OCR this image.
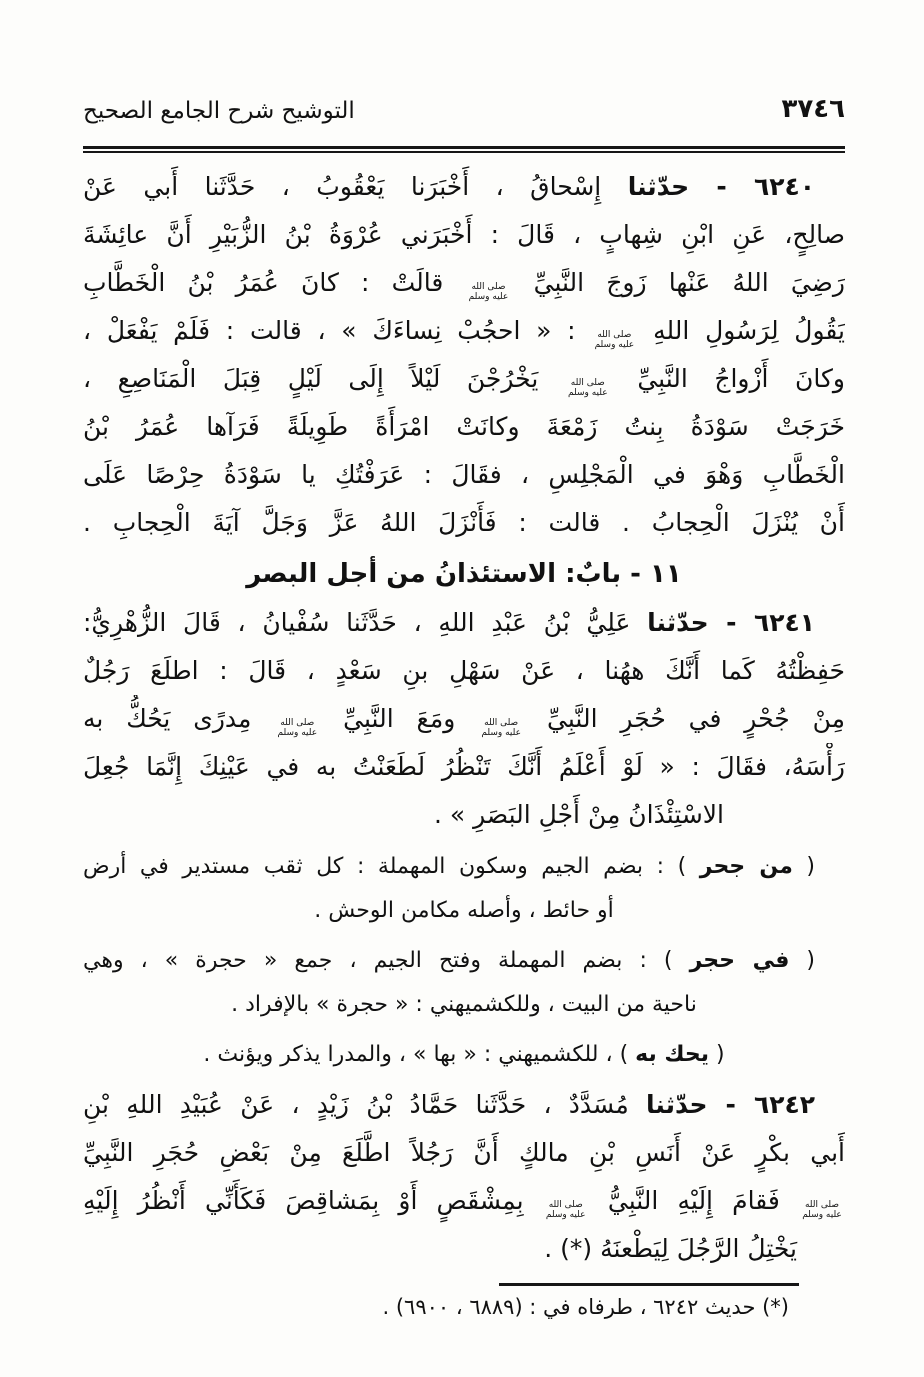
٣٧٤٦
التوشيح شرح الجامع الصحيح
٦٢٤٠ - حدّثنا إِسْحاقُ ، أَخْبَرَنا يَعْقُوبُ ، حَدَّثَنا أَبي عَنْ
صالِحٍ، عَنِ ابْنِ شِهابٍ ، قَالَ : أَخْبَرَني عُرْوَةُ بْنُ الزُّبَيْرِ أَنَّ عائِشَةَ
رَضِيَ اللهُ عَنْها زَوجَ النَّبِيِّ صلى الله عليه وسلم قالَتْ : كانَ عُمَرُ بْنُ الْخَطَّابِ
يَقُولُ لِرَسُولِ اللهِ صلى الله عليه وسلم : « احجُبْ نِساءَكَ » ، قالت : فَلَمْ يَفْعَلْ ،
وكانَ أَزْواجُ النَّبِيِّ صلى الله عليه وسلم يَخْرُجْنَ لَيْلاً إِلَى لَيْلٍ قِبَلَ الْمَنَاصِعِ ،
خَرَجَتْ سَوْدَةُ بِنتُ زَمْعَةَ وكانَتْ امْرَأَةً طَوِيلَةً فَرَآها عُمَرُ بْنُ
الْخَطَّابِ وَهْوَ في الْمَجْلِسِ ، فقَالَ : عَرَفْتُكِ يا سَوْدَةُ حِرْصًا عَلَى
أَنْ يُنْزَلَ الْحِجابُ . قالت : فَأَنْزَلَ اللهُ عَزَّ وَجَلَّ آيَةَ الْحِجابِ .
١١ - بابٌ: الاستئذانُ من أجل البصر
٦٢٤١ - حدّثنا عَلِيُّ بْنُ عَبْدِ اللهِ ، حَدَّثَنا سُفْيانُ ، قَالَ الزُّهْرِيُّ:
حَفِظْتُهُ كَما أَنَّكَ ههُنا ، عَنْ سَهْلِ بنِ سَعْدٍ ، قَالَ : اطلَعَ رَجُلٌ
مِنْ جُحْرٍ في حُجَرِ النَّبِيِّ صلى الله عليه وسلم ومَعَ النَّبِيِّ صلى الله عليه وسلم مِدرًى يَحُكُّ به
رَأْسَهُ، فقَالَ : « لَوْ أَعْلَمُ أَنَّكَ تَنْظُرُ لَطَعَنْتُ به في عَيْنِكَ إِنَّمَا جُعِلَ
الاسْتِئْذَانُ مِنْ أَجْلِ البَصَرِ » .
( من جحر ) : بضم الجيم وسكون المهملة : كل ثقب مستدير في أرض
أو حائط ، وأصله مكامن الوحش .
( في حجر ) : بضم المهملة وفتح الجيم ، جمع « حجرة » ، وهي
ناحية من البيت ، وللكشميهني : « حجرة » بالإفراد .
( يحك به ) ، للكشميهني : « بها » ، والمدرا يذكر ويؤنث .
٦٢٤٢ - حدّثنا مُسَدَّدٌ ، حَدَّثَنا حَمَّادُ بْنُ زَيْدٍ ، عَنْ عُبَيْدِ اللهِ بْنِ
أَبي بكْرٍ عَنْ أَنَسِ بْنِ مالكٍ أَنَّ رَجُلاً اطَّلَعَ مِنْ بَعْضِ حُجَرِ النَّبِيِّ
صلى الله عليه وسلم فَقامَ إِلَيْهِ النَّبِيُّ صلى الله عليه وسلم بِمِشْقَصٍ أَوْ بِمَشاقِصَ فَكَأَنِّي أَنْظُرُ إِلَيْهِ
يَخْتِلُ الرَّجُلَ لِيَطْعنَهُ (*) .
(*) حديث ٦٢٤٢ ، طرفاه في : (٦٨٨٩ ، ٦٩٠٠) .
